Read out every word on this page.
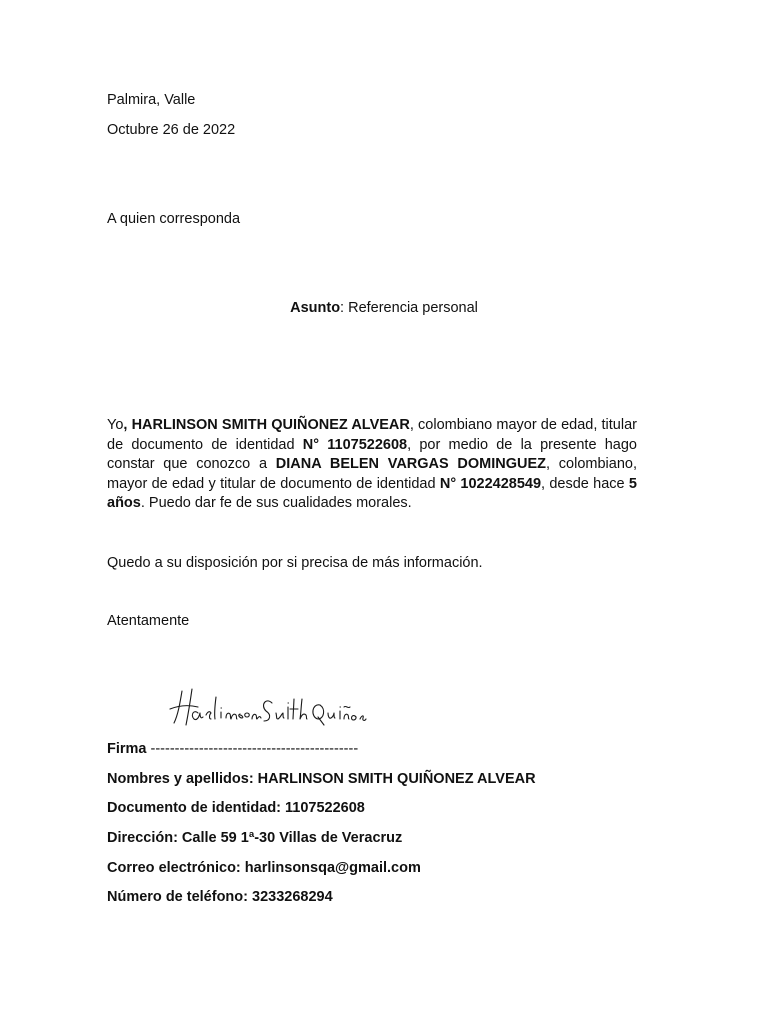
Palmira, Valle
Octubre 26 de 2022
A quien corresponda
Asunto: Referencia personal
Yo, HARLINSON SMITH QUIÑONEZ ALVEAR, colombiano mayor de edad, titular de documento de identidad N° 1107522608, por medio de la presente hago constar que conozco a DIANA BELEN VARGAS DOMINGUEZ, colombiano, mayor de edad y titular de documento de identidad N° 1022428549, desde hace 5 años. Puedo dar fe de sus cualidades morales.
Quedo a su disposición por si precisa de más información.
Atentamente
Firma -------------------------------------------
Nombres y apellidos: HARLINSON SMITH QUIÑONEZ ALVEAR
Documento de identidad: 1107522608
Dirección: Calle 59 1ª-30 Villas de Veracruz
Correo electrónico: harlinsonsqa@gmail.com
Número de teléfono: 3233268294
